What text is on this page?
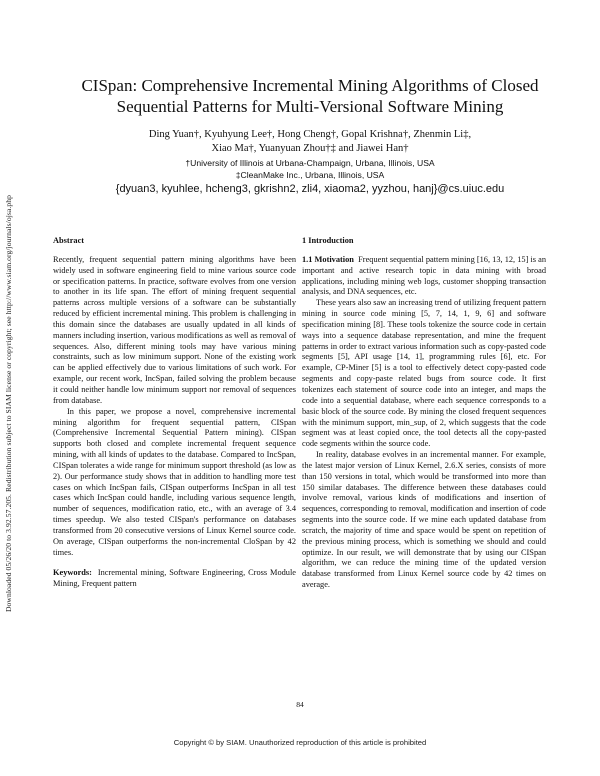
Downloaded 05/26/20 to 3.92.57.205. Redistribution subject to SIAM license or copyright; see http://www.siam.org/journals/ojsa.php
CISpan: Comprehensive Incremental Mining Algorithms of Closed
Sequential Patterns for Multi-Versional Software Mining
Ding Yuan†, Kyuhyung Lee†, Hong Cheng†, Gopal Krishna†, Zhenmin Li‡,
Xiao Ma†, Yuanyuan Zhou†‡ and Jiawei Han†
†University of Illinois at Urbana-Champaign, Urbana, Illinois, USA
‡CleanMake Inc., Urbana, Illinois, USA
{dyuan3, kyuhlee, hcheng3, gkrishn2, zli4, xiaoma2, yyzhou, hanj}@cs.uiuc.edu

Abstract

Recently, frequent sequential pattern mining algorithms have been widely used in software engineering field to mine various source code or specification patterns. In practice, software evolves from one version to another in its life span. The effort of mining frequent sequential patterns across multiple versions of a software can be substantially reduced by efficient incremental mining. This problem is challenging in this domain since the databases are usually updated in all kinds of manners including insertion, various modifications as well as removal of sequences. Also, different mining tools may have various mining constraints, such as low minimum support. None of the existing work can be applied effectively due to various limitations of such work. For example, our recent work, IncSpan, failed solving the problem because it could neither handle low minimum support nor removal of sequences from database.

In this paper, we propose a novel, comprehensive incremental mining algorithm for frequent sequential pattern, CISpan (Comprehensive Incremental Sequential Pattern mining). CISpan supports both closed and complete incremental frequent sequence mining, with all kinds of updates to the database. Compared to IncSpan, CISpan tolerates a wide range for minimum support threshold (as low as 2). Our performance study shows that in addition to handling more test cases on which IncSpan fails, CISpan outperforms IncSpan in all test cases which IncSpan could handle, including various sequence length, number of sequences, modification ratio, etc., with an average of 3.4 times speedup. We also tested CISpan's performance on databases transformed from 20 consecutive versions of Linux Kernel source code. On average, CISpan outperforms the non-incremental CloSpan by 42 times.

Keywords: Incremental mining, Software Engineering, Cross Module Mining, Frequent pattern

1 Introduction

1.1 Motivation Frequent sequential pattern mining [16, 13, 12, 15] is an important and active research topic in data mining with broad applications, including mining web logs, customer shopping transaction analysis, and DNA sequences, etc.

These years also saw an increasing trend of utilizing frequent pattern mining in source code mining [5, 7, 14, 1, 9, 6] and software specification mining [8]. These tools tokenize the source code in certain ways into a sequence database representation, and mine the frequent patterns in order to extract various information such as copy-pasted code segments [5], API usage [14, 1], programming rules [6], etc. For example, CP-Miner [5] is a tool to effectively detect copy-pasted code segments and copy-paste related bugs from source code. It first tokenizes each statement of source code into an integer, and maps the code into a sequential database, where each sequence corresponds to a basic block of the source code. By mining the closed frequent sequences with the minimum support, min_sup, of 2, which suggests that the code segment was at least copied once, the tool detects all the copy-pasted code segments within the source code.

In reality, database evolves in an incremental manner. For example, the latest major version of Linux Kernel, 2.6.X series, consists of more than 150 versions in total, which would be transformed into more than 150 similar databases. The difference between these databases could involve removal, various kinds of modifications and insertion of sequences, corresponding to removal, modification and insertion of code segments into the source code. If we mine each updated database from scratch, the majority of time and space would be spent on repetition of the previous mining process, which is something we should and could optimize. In our result, we will demonstrate that by using our CISpan algorithm, we can reduce the mining time of the updated version database transformed from Linux Kernel source code by 42 times on average.

84
Copyright © by SIAM. Unauthorized reproduction of this article is prohibited
